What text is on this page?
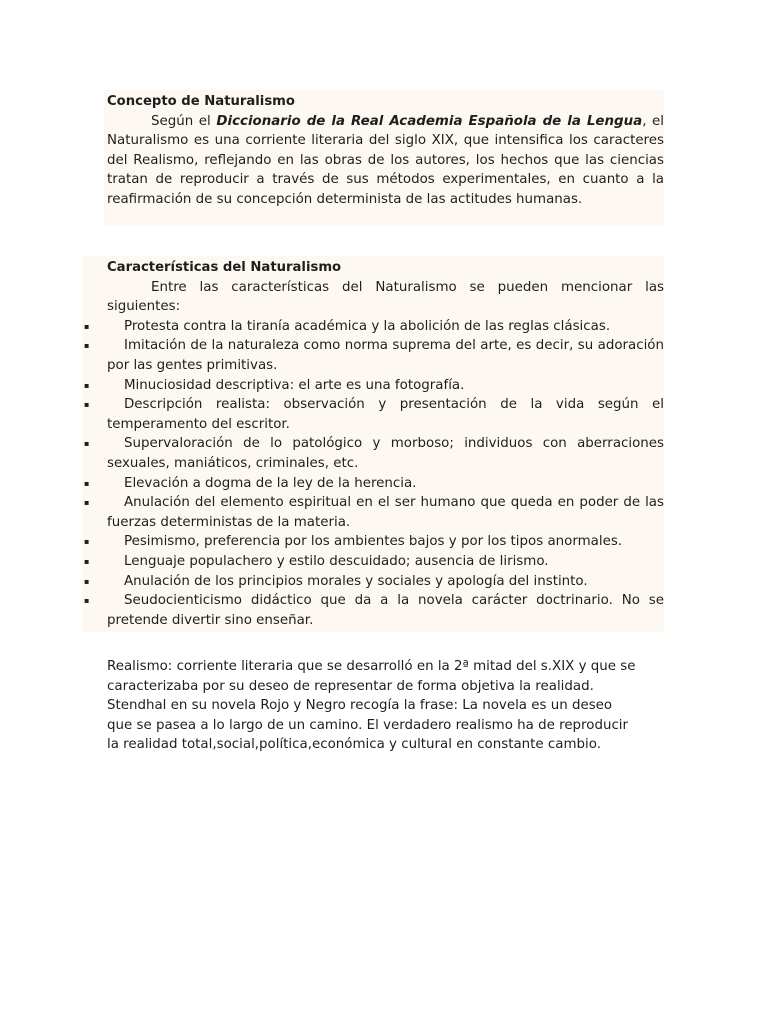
Concepto de Naturalismo
Según el Diccionario de la Real Academia Española de la Lengua, el Naturalismo es una corriente literaria del siglo XIX, que intensifica los caracteres del Realismo, reflejando en las obras de los autores, los hechos que las ciencias tratan de reproducir a través de sus métodos experimentales, en cuanto a la reafirmación de su concepción determinista de las actitudes humanas.
Características del Naturalismo
Entre las características del Naturalismo se pueden mencionar las siguientes:
▪	Protesta contra la tiranía académica y la abolición de las reglas clásicas.
▪	Imitación de la naturaleza como norma suprema del arte, es decir, su adoración por las gentes primitivas.
▪	Minuciosidad descriptiva: el arte es una fotografía.
▪	Descripción realista: observación y presentación de la vida según el temperamento del escritor.
▪	Supervaloración de lo patológico y morboso; individuos con aberraciones sexuales, maniáticos, criminales, etc.
▪	Elevación a dogma de la ley de la herencia.
▪	Anulación del elemento espiritual en el ser humano que queda en poder de las fuerzas deterministas de la materia.
▪	Pesimismo, preferencia por los ambientes bajos y por los tipos anormales.
▪	Lenguaje populachero y estilo descuidado; ausencia de lirismo.
▪	Anulación de los principios morales y sociales y apología del instinto.
▪	Seudocienticismo didáctico que da a la novela carácter doctrinario. No se pretende divertir sino enseñar.
Realismo: corriente literaria que se desarrolló en la 2ª mitad del s.XIX y que se
caracterizaba por su deseo de representar de forma objetiva la realidad.
Stendhal en su novela Rojo y Negro recogía la frase: La novela es un deseo
que se pasea a lo largo de un camino. El verdadero realismo ha de reproducir
la realidad total,social,política,económica y cultural en constante cambio.
